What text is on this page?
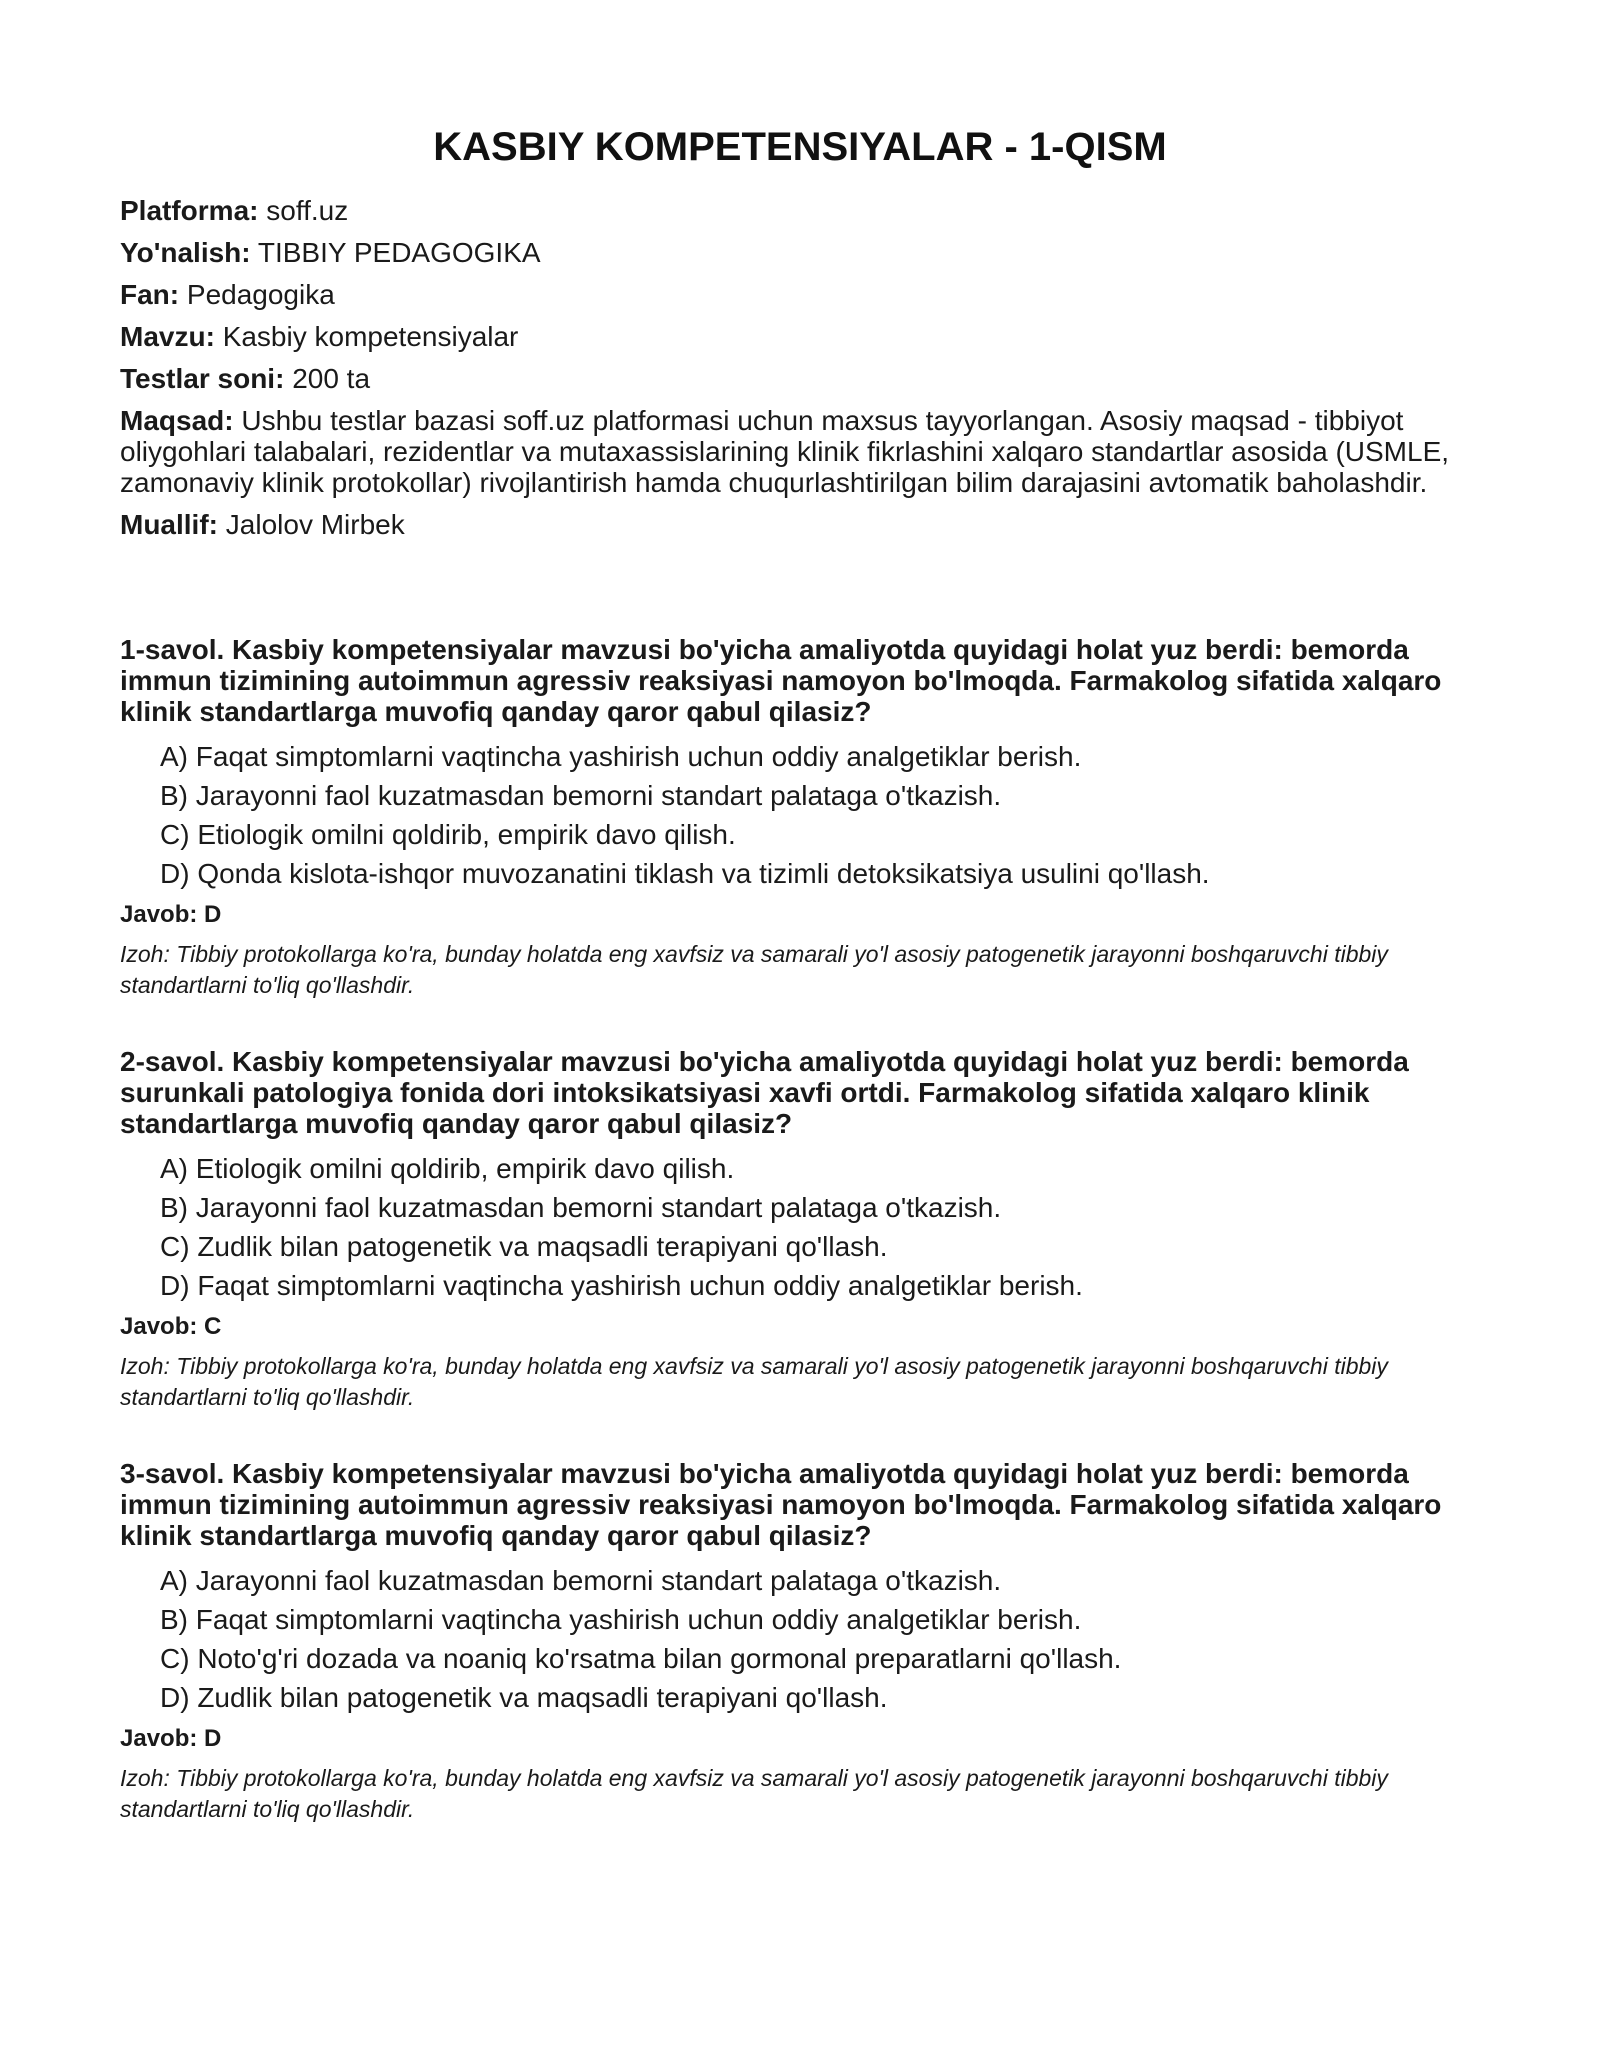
KASBIY KOMPETENSIYALAR - 1-QISM

Platforma: soff.uz

Yo'nalish: TIBBIY PEDAGOGIKA

Fan: Pedagogika

Mavzu: Kasbiy kompetensiyalar

Testlar soni: 200 ta

Maqsad: Ushbu testlar bazasi soff.uz platformasi uchun maxsus tayyorlangan. Asosiy maqsad - tibbiyot oliygohlari talabalari, rezidentlar va mutaxassislarining klinik fikrlashini xalqaro standartlar asosida (USMLE, zamonaviy klinik protokollar) rivojlantirish hamda chuqurlashtirilgan bilim darajasini avtomatik baholashdir.

Muallif: Jalolov Mirbek

1-savol. Kasbiy kompetensiyalar mavzusi bo'yicha amaliyotda quyidagi holat yuz berdi: bemorda immun tizimining autoimmun agressiv reaksiyasi namoyon bo'lmoqda. Farmakolog sifatida xalqaro klinik standartlarga muvofiq qanday qaror qabul qilasiz?

A) Faqat simptomlarni vaqtincha yashirish uchun oddiy analgetiklar berish.
B) Jarayonni faol kuzatmasdan bemorni standart palataga o'tkazish.
C) Etiologik omilni qoldirib, empirik davo qilish.
D) Qonda kislota-ishqor muvozanatini tiklash va tizimli detoksikatsiya usulini qo'llash.

Javob: D

Izoh: Tibbiy protokollarga ko'ra, bunday holatda eng xavfsiz va samarali yo'l asosiy patogenetik jarayonni boshqaruvchi tibbiy standartlarni to'liq qo'llashdir.

2-savol. Kasbiy kompetensiyalar mavzusi bo'yicha amaliyotda quyidagi holat yuz berdi: bemorda surunkali patologiya fonida dori intoksikatsiyasi xavfi ortdi. Farmakolog sifatida xalqaro klinik standartlarga muvofiq qanday qaror qabul qilasiz?

A) Etiologik omilni qoldirib, empirik davo qilish.
B) Jarayonni faol kuzatmasdan bemorni standart palataga o'tkazish.
C) Zudlik bilan patogenetik va maqsadli terapiyani qo'llash.
D) Faqat simptomlarni vaqtincha yashirish uchun oddiy analgetiklar berish.

Javob: C

Izoh: Tibbiy protokollarga ko'ra, bunday holatda eng xavfsiz va samarali yo'l asosiy patogenetik jarayonni boshqaruvchi tibbiy standartlarni to'liq qo'llashdir.

3-savol. Kasbiy kompetensiyalar mavzusi bo'yicha amaliyotda quyidagi holat yuz berdi: bemorda immun tizimining autoimmun agressiv reaksiyasi namoyon bo'lmoqda. Farmakolog sifatida xalqaro klinik standartlarga muvofiq qanday qaror qabul qilasiz?

A) Jarayonni faol kuzatmasdan bemorni standart palataga o'tkazish.
B) Faqat simptomlarni vaqtincha yashirish uchun oddiy analgetiklar berish.
C) Noto'g'ri dozada va noaniq ko'rsatma bilan gormonal preparatlarni qo'llash.
D) Zudlik bilan patogenetik va maqsadli terapiyani qo'llash.

Javob: D

Izoh: Tibbiy protokollarga ko'ra, bunday holatda eng xavfsiz va samarali yo'l asosiy patogenetik jarayonni boshqaruvchi tibbiy standartlarni to'liq qo'llashdir.
